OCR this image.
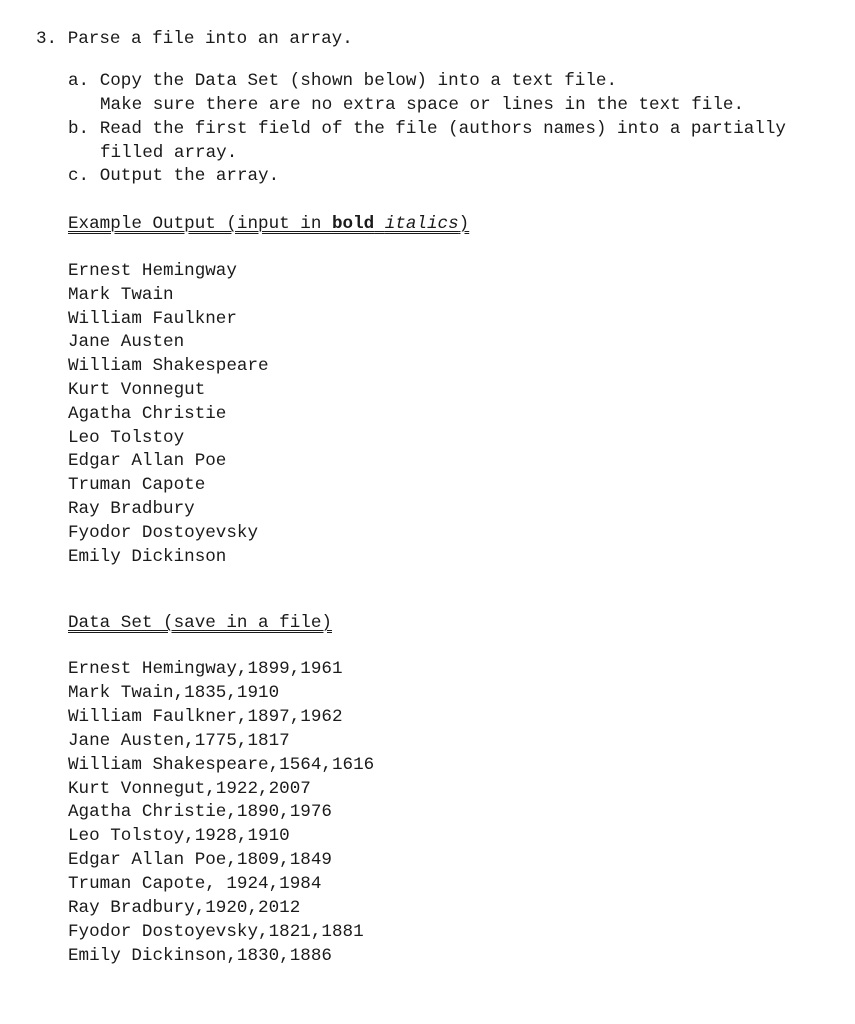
3. Parse a file into an array.
a. Copy the Data Set (shown below) into a text file.
Make sure there are no extra space or lines in the text file.
b. Read the first field of the file (authors names) into a partially
filled array.
c. Output the array.
Example Output (input in bold italics)
Ernest Hemingway
Mark Twain
William Faulkner
Jane Austen
William Shakespeare
Kurt Vonnegut
Agatha Christie
Leo Tolstoy
Edgar Allan Poe
Truman Capote
Ray Bradbury
Fyodor Dostoyevsky
Emily Dickinson
Data Set (save in a file)
Ernest Hemingway,1899,1961
Mark Twain,1835,1910
William Faulkner,1897,1962
Jane Austen,1775,1817
William Shakespeare,1564,1616
Kurt Vonnegut,1922,2007
Agatha Christie,1890,1976
Leo Tolstoy,1928,1910
Edgar Allan Poe,1809,1849
Truman Capote, 1924,1984
Ray Bradbury,1920,2012
Fyodor Dostoyevsky,1821,1881
Emily Dickinson,1830,1886
